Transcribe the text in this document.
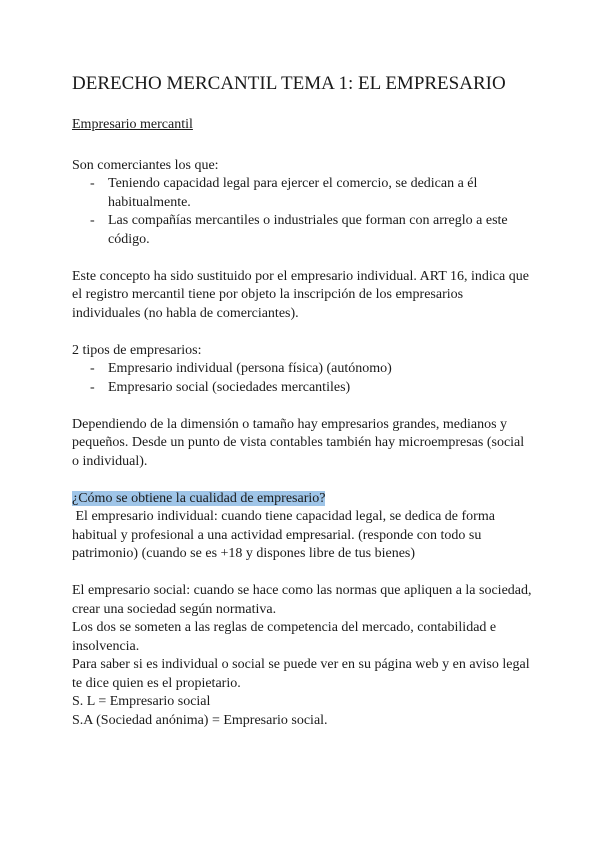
DERECHO MERCANTIL TEMA 1: EL EMPRESARIO

Empresario mercantil

Son comerciantes los que:

- Teniendo capacidad legal para ejercer el comercio, se dedican a él habitualmente.
- Las compañías mercantiles o industriales que forman con arreglo a este código.

Este concepto ha sido sustituido por el empresario individual. ART 16, indica que el registro mercantil tiene por objeto la inscripción de los empresarios individuales (no habla de comerciantes).

2 tipos de empresarios:

- Empresario individual (persona física) (autónomo)
- Empresario social (sociedades mercantiles)

Dependiendo de la dimensión o tamaño hay empresarios grandes, medianos y pequeños. Desde un punto de vista contables también hay microempresas (social o individual).

¿Cómo se obtiene la cualidad de empresario?

El empresario individual: cuando tiene capacidad legal, se dedica de forma habitual y profesional a una actividad empresarial. (responde con todo su patrimonio) (cuando se es +18 y dispones libre de tus bienes)

El empresario social: cuando se hace como las normas que apliquen a la sociedad, crear una sociedad según normativa.

Los dos se someten a las reglas de competencia del mercado, contabilidad e insolvencia.

Para saber si es individual o social se puede ver en su página web y en aviso legal te dice quien es el propietario.

S. L = Empresario social

S.A (Sociedad anónima) = Empresario social.
